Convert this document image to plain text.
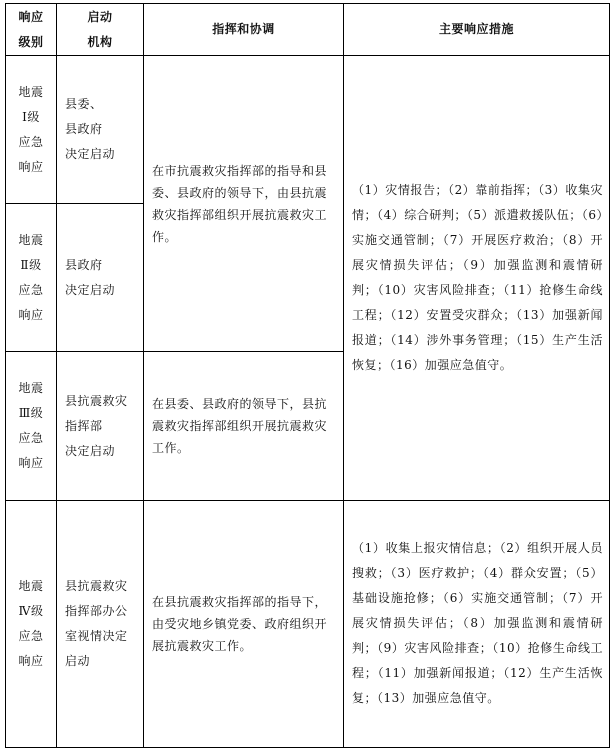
响应
级别	启动
机构	指挥和协调	主要响应措施

地震
Ⅰ级
应急
响应	县委、
县政府
决定启动	在市抗震救灾指挥部的指导和县委、县政府的领导下，由县抗震救灾指挥部组织开展抗震救灾工作。	（1）灾情报告；（2）靠前指挥；（3）收集灾情；（4）综合研判；（5）派遣救援队伍；（6）实施交通管制；（7）开展医疗救治；（8）开展灾情损失评估；（9）加强监测和震情研判；（10）灾害风险排查；（11）抢修生命线工程；（12）安置受灾群众；（13）加强新闻报道；（14）涉外事务管理；（15）生产生活恢复；（16）加强应急值守。

地震
Ⅱ级
应急
响应	县政府
决定启动		

地震
Ⅲ级
应急
响应	县抗震救灾
指挥部
决定启动	在县委、县政府的领导下，县抗震救灾指挥部组织开展抗震救灾工作。	

地震
Ⅳ级
应急
响应	县抗震救灾
指挥部办公
室视情决定
启动	在县抗震救灾指挥部的指导下，由受灾地乡镇党委、政府组织开展抗震救灾工作。	（1）收集上报灾情信息；（2）组织开展人员搜救；（3）医疗救护；（4）群众安置；（5）基础设施抢修；（6）实施交通管制；（7）开展灾情损失评估；（8）加强监测和震情研判；（9）灾害风险排查；（10）抢修生命线工程；（11）加强新闻报道；（12）生产生活恢复；（13）加强应急值守。
